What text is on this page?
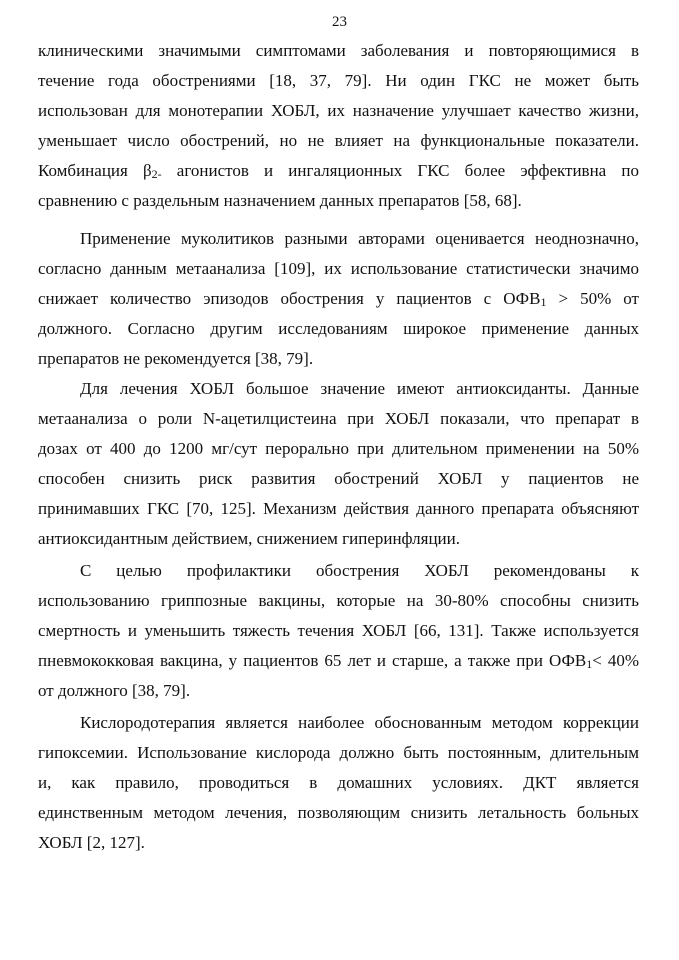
23
клиническими значимыми симптомами заболевания и повторяющимися в
течение года обострениями [18, 37, 79]. Ни один ГКС не может быть
использован для монотерапии ХОБЛ, их назначение улучшает качество жизни,
уменьшает число обострений, но не влияет на функциональные показатели.
Комбинация β2- агонистов и ингаляционных ГКС более эффективна по
сравнению с раздельным назначением данных препаратов [58, 68].
Применение муколитиков разными авторами оценивается неоднозначно,
согласно данным метаанализа [109], их использование статистически значимо
снижает количество эпизодов обострения у пациентов с ОФВ1 > 50% от
должного. Согласно другим исследованиям широкое применение данных
препаратов не рекомендуется [38, 79].
Для лечения ХОБЛ большое значение имеют антиоксиданты. Данные
метаанализа о роли N-ацетилцистеина при ХОБЛ показали, что препарат в
дозах от 400 до 1200 мг/сут перорально при длительном применении на 50%
способен снизить риск развития обострений ХОБЛ у пациентов не
принимавших ГКС [70, 125]. Механизм действия данного препарата объясняют
антиоксидантным действием, снижением гиперинфляции.
С целью профилактики обострения ХОБЛ рекомендованы к
использованию гриппозные вакцины, которые на 30-80% способны снизить
смертность и уменьшить тяжесть течения ХОБЛ [66, 131]. Также используется
пневмококковая вакцина, у пациентов 65 лет и старше, а также при ОФВ1< 40%
от должного [38, 79].
Кислородотерапия является наиболее обоснованным методом коррекции
гипоксемии. Использование кислорода должно быть постоянным, длительным
и, как правило, проводиться в домашних условиях. ДКТ является
единственным методом лечения, позволяющим снизить летальность больных
ХОБЛ [2, 127].
